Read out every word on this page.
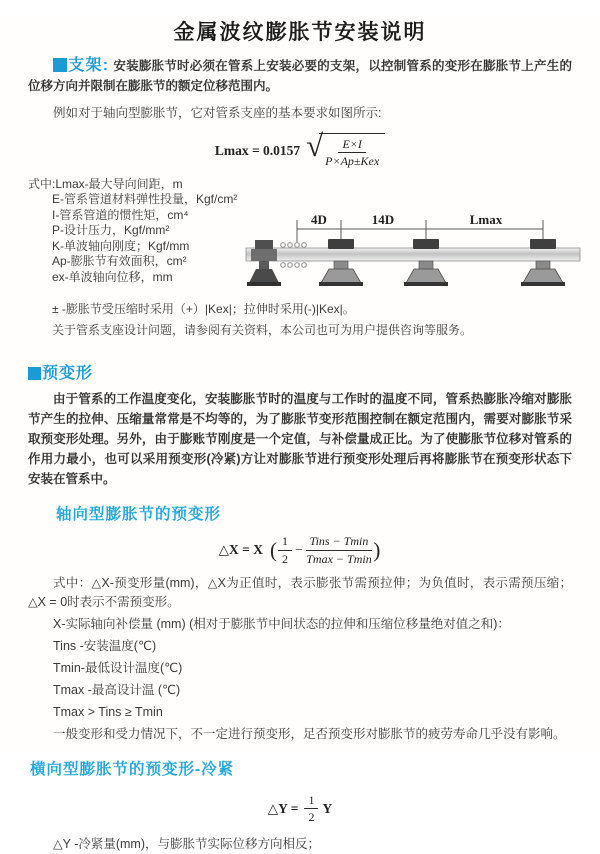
金属波纹膨胀节安装说明

支架: 安装膨胀节时必须在管系上安装必要的支架，以控制管系的变形在膨胀节上产生的位移方向并限制在膨胀节的额定位移范围内。

例如对于轴向型膨胀节，它对管系支座的基本要求如图所示:

Lmax = 0.0157 √ $\frac{E\times I}{\text{P×Ap±Kex}}$

式中:Lmax-最大导向间距，m

E-管系管道材料弹性投量，Kgf/cm²

I-管系管道的惯性矩，cm⁴

P-设计压力，Kgf/mm²

K-单波轴向刚度；Kgf/mm

Ap-膨胀节有效面积，cm²

ex-单波轴向位移，mm

± -膨胀节受压缩时采用（+）|Kex|；拉伸时采用(-)|Kex|。

关于管系支座设计问题，请参阅有关资料，本公司也可为用户提供咨询等服务。

4D	14D	Lmax
预变形

由于管系的工作温度变化，安装膨胀节时的温度与工作时的温度不同，管系热膨胀冷缩对膨胀节产生的拉伸、压缩量常常是不均等的，为了膨胀节变形范围控制在额定范围内，需要对膨胀节采取预变形处理。另外，由于膨账节刚度是一个定值，与补偿量成正比。为了使膨胀节位移对管系的作用力最小，也可以采用预变形(冷紧)方让对膨胀节进行预变形处理后再将膨胀节在预变形状态下安装在管系中。

轴向型膨胀节的预变形
△X = X ( $\frac{1}{2} - \frac{\text{Tins − Tmin}}{Tmax - Tmin}$ )

式中：△X-预变形量(mm)，△X为正值时，表示膨张节需预拉伸；为负值时，表示需预压缩；△X = 0时表示不需预变形。

X-实际轴向补偿量 (mm) (相对于膨胀节中间状态的拉伸和压缩位移量绝对值之和)：

Tins -安装温度(℃)

Tmin-最低设计温度(℃)

Tmax -最高设计温 (℃)

Tmax > Tins ≥ Tmin

一般变形和受力情况下，不一定进行预变形，足否预变形对膨胀节的疲劳寿命几乎没有影响。

横向型膨胀节的预变形-冷紧
△Y = $\frac{1}{2}$ Y

△Y -冷紧量(mm)，与膨胀节实际位移方向相反；
